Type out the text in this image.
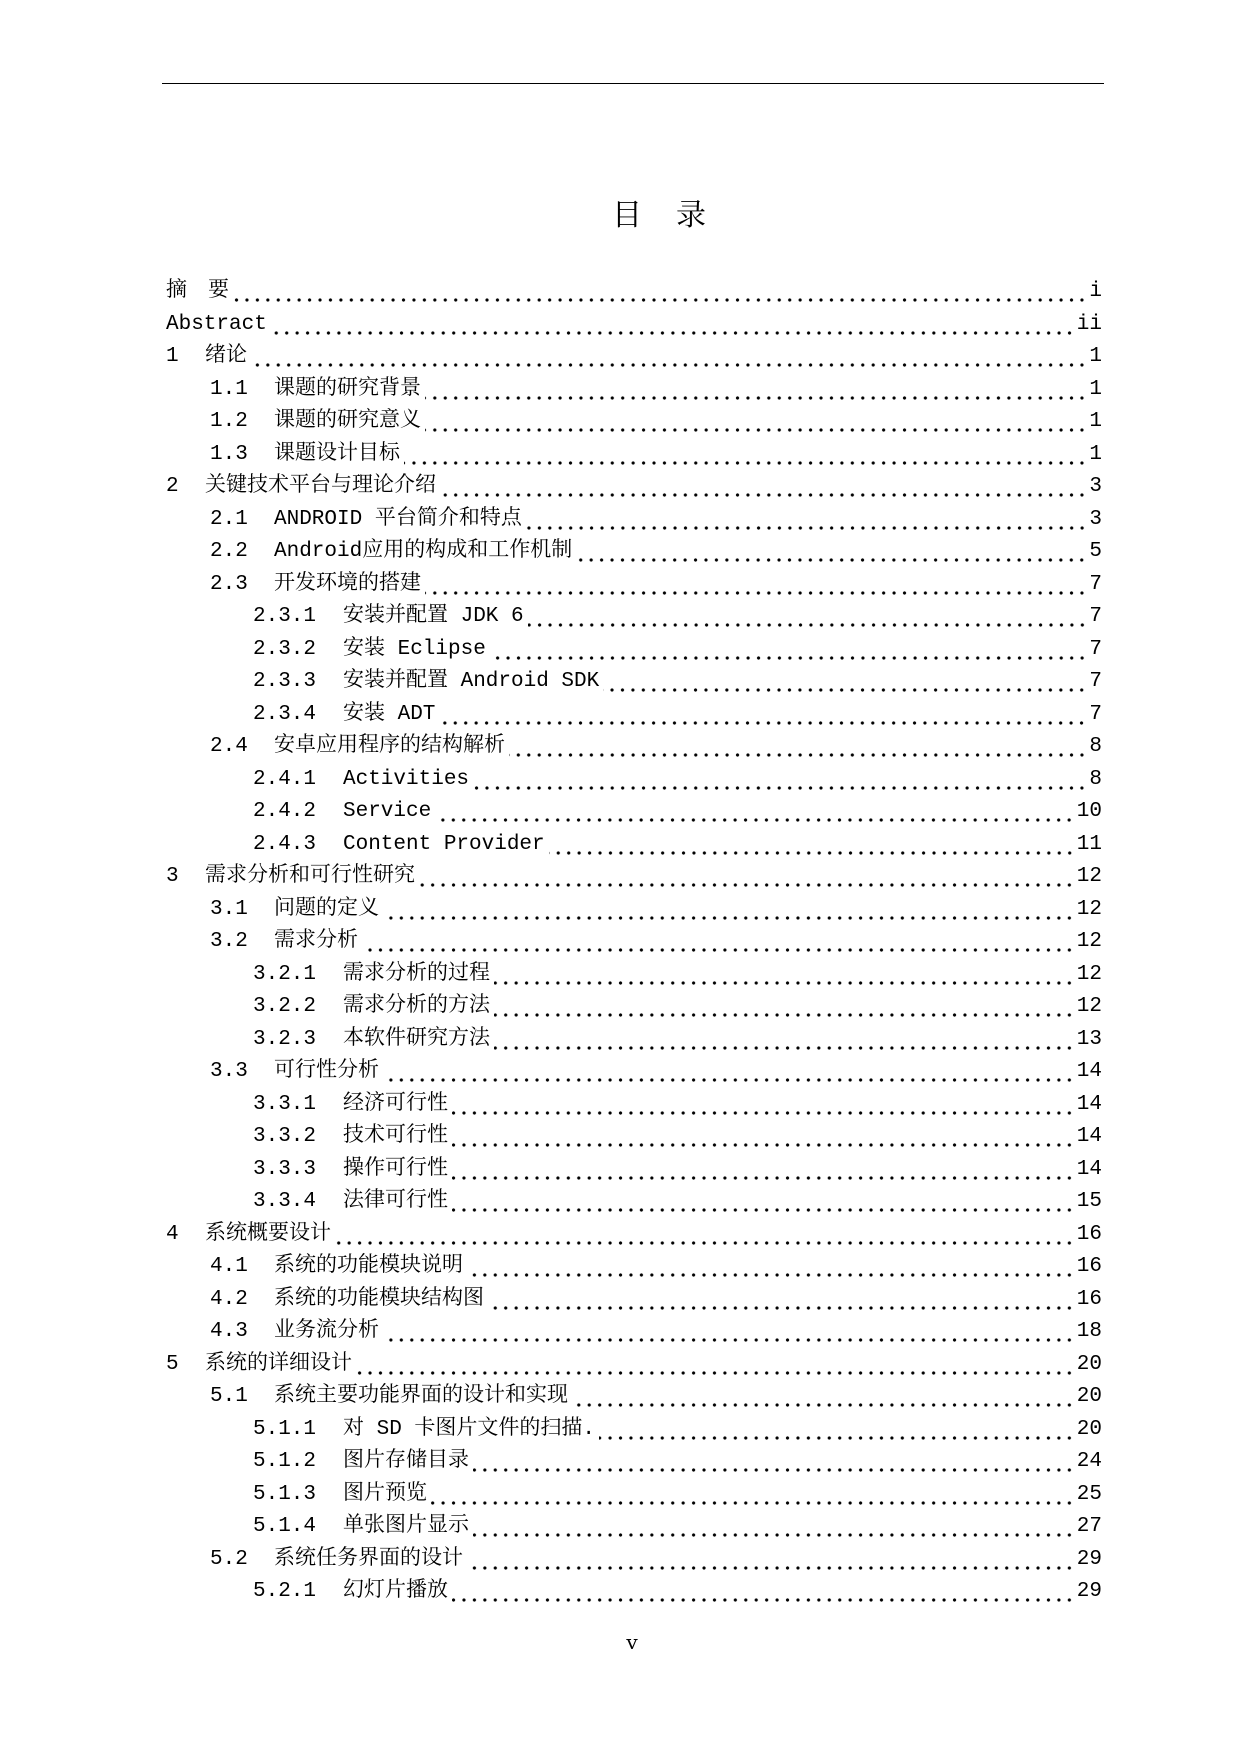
目　录
摘　要	i
Abstract	ii
1	绪论	1
1.1	课题的研究背景	1
1.2	课题的研究意义	1
1.3	课题设计目标	1
2	关键技术平台与理论介绍	3
2.1	ANDROID 平台简介和特点	3
2.2	Android应用的构成和工作机制	5
2.3	开发环境的搭建	7
2.3.1	安装并配置 JDK 6	7
2.3.2	安装 Eclipse	7
2.3.3	安装并配置 Android SDK	7
2.3.4	安装 ADT	7
2.4	安卓应用程序的结构解析	8
2.4.1	Activities	8
2.4.2	Service	10
2.4.3	Content Provider	11
3	需求分析和可行性研究	12
3.1	问题的定义	12
3.2	需求分析	12
3.2.1	需求分析的过程	12
3.2.2	需求分析的方法	12
3.2.3	本软件研究方法	13
3.3	可行性分析	14
3.3.1	经济可行性	14
3.3.2	技术可行性	14
3.3.3	操作可行性	14
3.3.4	法律可行性	15
4	系统概要设计	16
4.1	系统的功能模块说明	16
4.2	系统的功能模块结构图	16
4.3	业务流分析	18
5	系统的详细设计	20
5.1	系统主要功能界面的设计和实现	20
5.1.1	对 SD 卡图片文件的扫描.	20
5.1.2	图片存储目录	24
5.1.3	图片预览	25
5.1.4	单张图片显示	27
5.2	系统任务界面的设计	29
5.2.1	幻灯片播放	29
v
